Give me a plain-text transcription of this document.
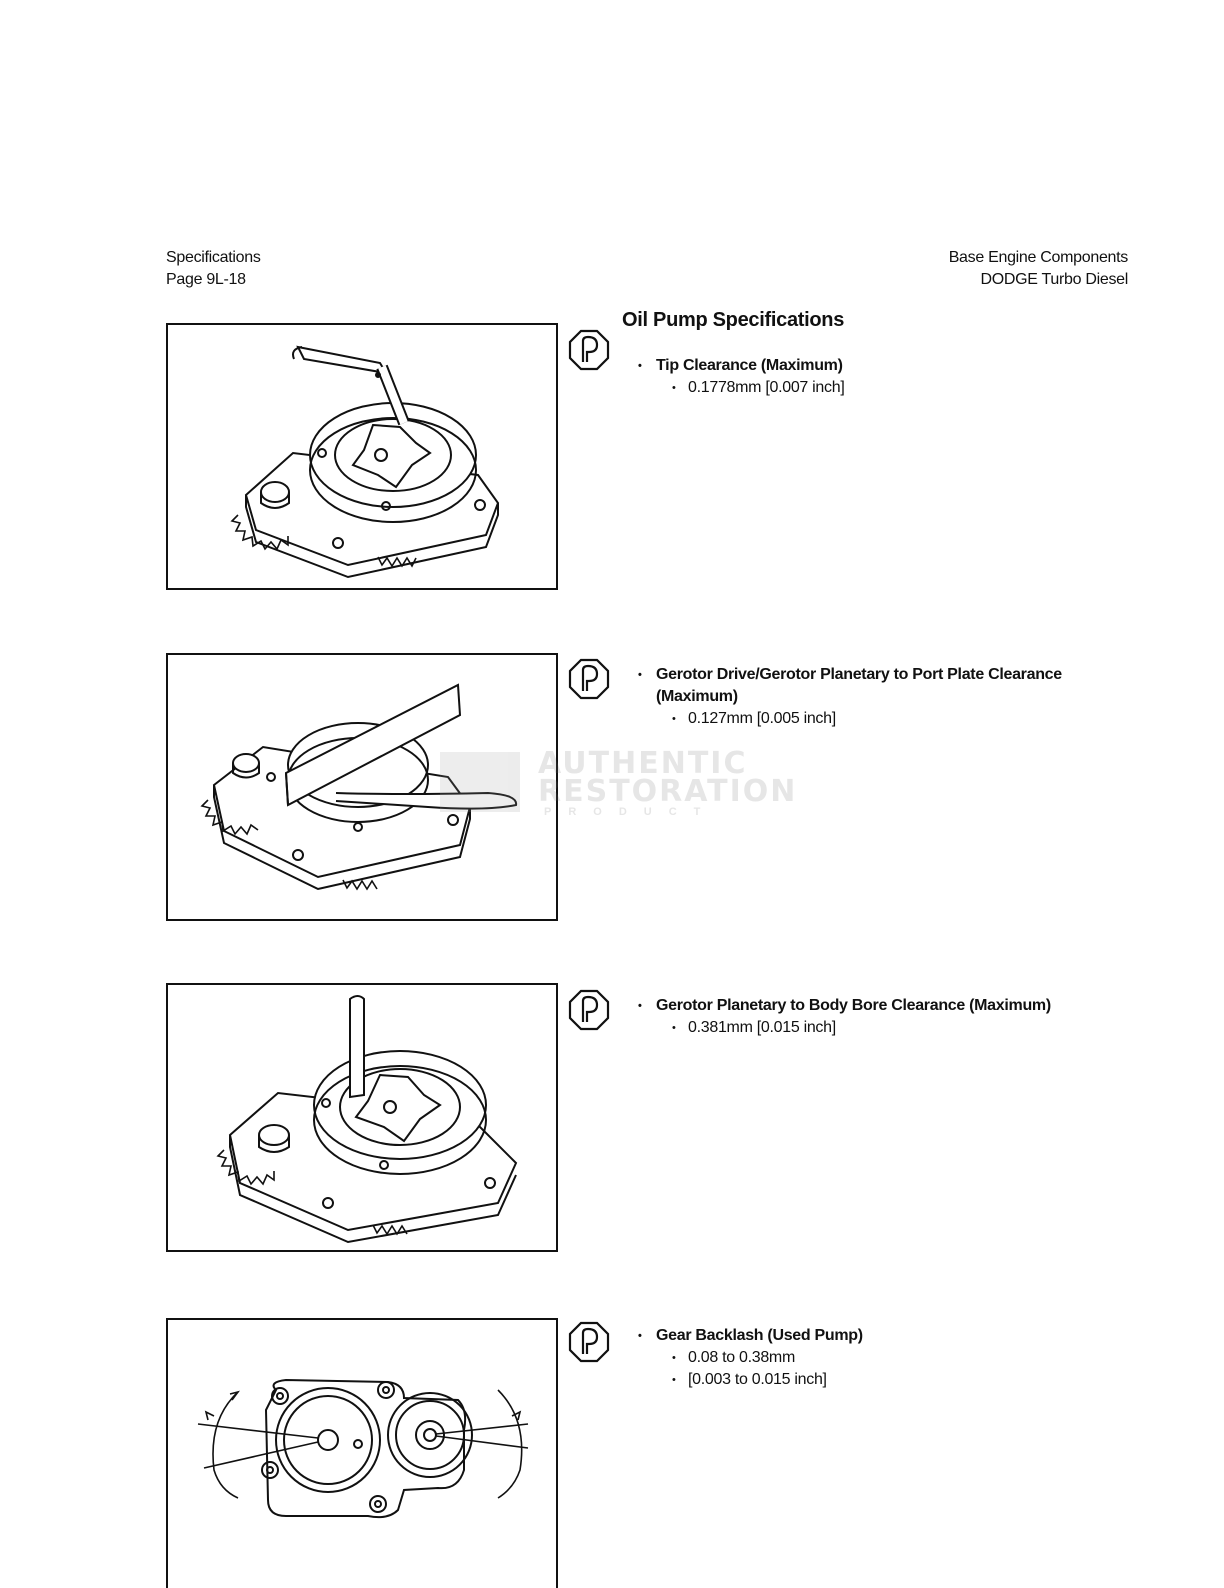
Specifications
Page 9L-18
Base Engine Components
DODGE Turbo Diesel
Oil Pump Specifications
• Tip Clearance (Maximum)
• 0.1778mm [0.007 inch]
• Gerotor Drive/Gerotor Planetary to Port Plate Clearance
(Maximum)
• 0.127mm [0.005 inch]
AUTHENTIC
RESTORATION
PRODUCT
• Gerotor Planetary to Body Bore Clearance (Maximum)
• 0.381mm [0.015 inch]
• Gear Backlash (Used Pump)
• 0.08 to 0.38mm
• [0.003 to 0.015 inch]
